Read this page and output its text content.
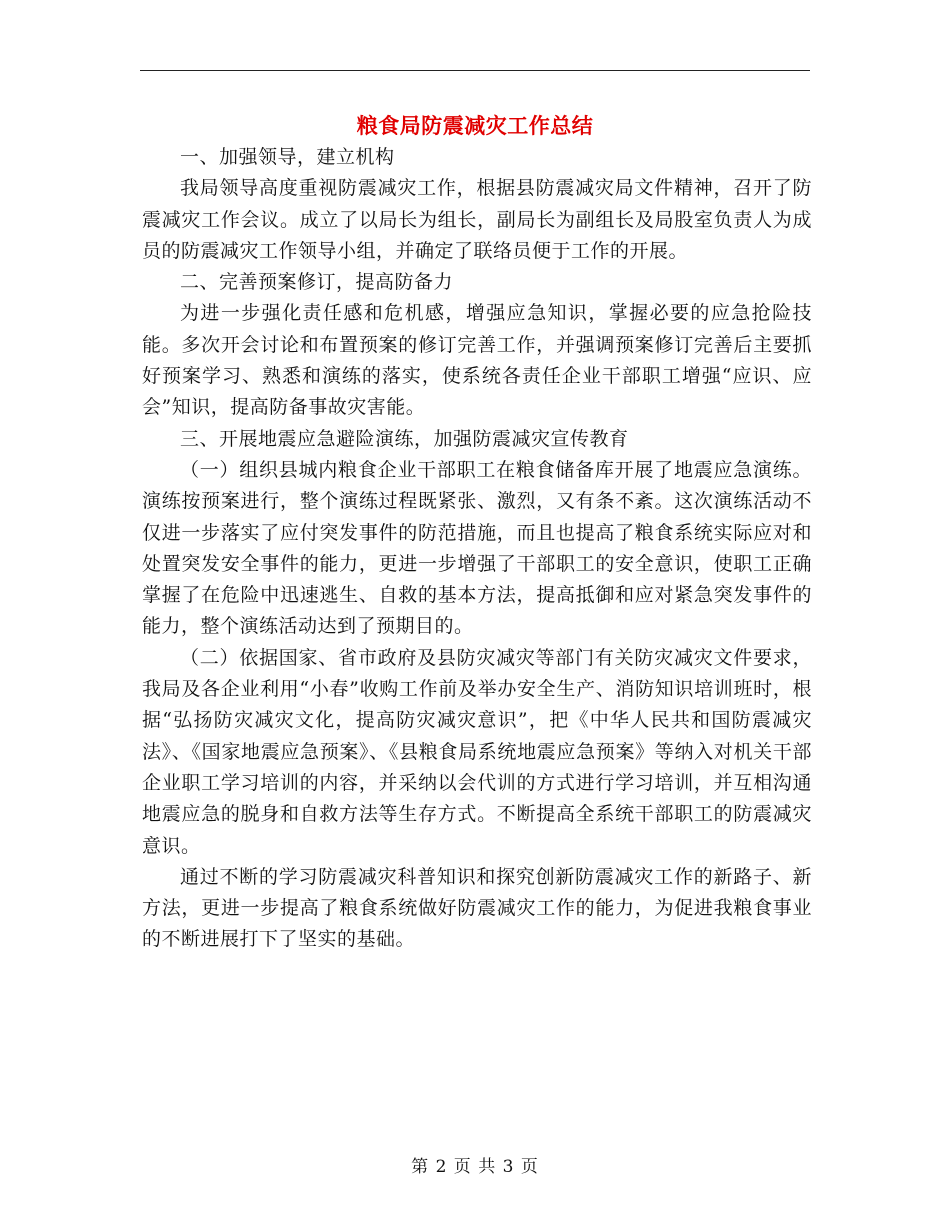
粮食局防震减灾工作总结

一、加强领导，建立机构

我局领导高度重视防震减灾工作，根据县防震减灾局文件精神，召开了防震减灾工作会议。成立了以局长为组长，副局长为副组长及局股室负责人为成员的防震减灾工作领导小组，并确定了联络员便于工作的开展。

二、完善预案修订，提高防备力

为进一步强化责任感和危机感，增强应急知识，掌握必要的应急抢险技能。多次开会讨论和布置预案的修订完善工作，并强调预案修订完善后主要抓好预案学习、熟悉和演练的落实，使系统各责任企业干部职工增强“应识、应会”知识，提高防备事故灾害能。

三、开展地震应急避险演练，加强防震减灾宣传教育

（一）组织县城内粮食企业干部职工在粮食储备库开展了地震应急演练。演练按预案进行，整个演练过程既紧张、激烈，又有条不紊。这次演练活动不仅进一步落实了应付突发事件的防范措施，而且也提高了粮食系统实际应对和处置突发安全事件的能力，更进一步增强了干部职工的安全意识，使职工正确掌握了在危险中迅速逃生、自救的基本方法，提高抵御和应对紧急突发事件的能力，整个演练活动达到了预期目的。

（二）依据国家、省市政府及县防灾减灾等部门有关防灾减灾文件要求，我局及各企业利用“小春”收购工作前及举办安全生产、消防知识培训班时，根据“弘扬防灾减灾文化，提高防灾减灾意识”，把《中华人民共和国防震减灾法》、《国家地震应急预案》、《县粮食局系统地震应急预案》等纳入对机关干部企业职工学习培训的内容，并采纳以会代训的方式进行学习培训，并互相沟通地震应急的脱身和自救方法等生存方式。不断提高全系统干部职工的防震减灾意识。

通过不断的学习防震减灾科普知识和探究创新防震减灾工作的新路子、新方法，更进一步提高了粮食系统做好防震减灾工作的能力，为促进我粮食事业的不断进展打下了坚实的基础。

第 2 页 共 3 页
